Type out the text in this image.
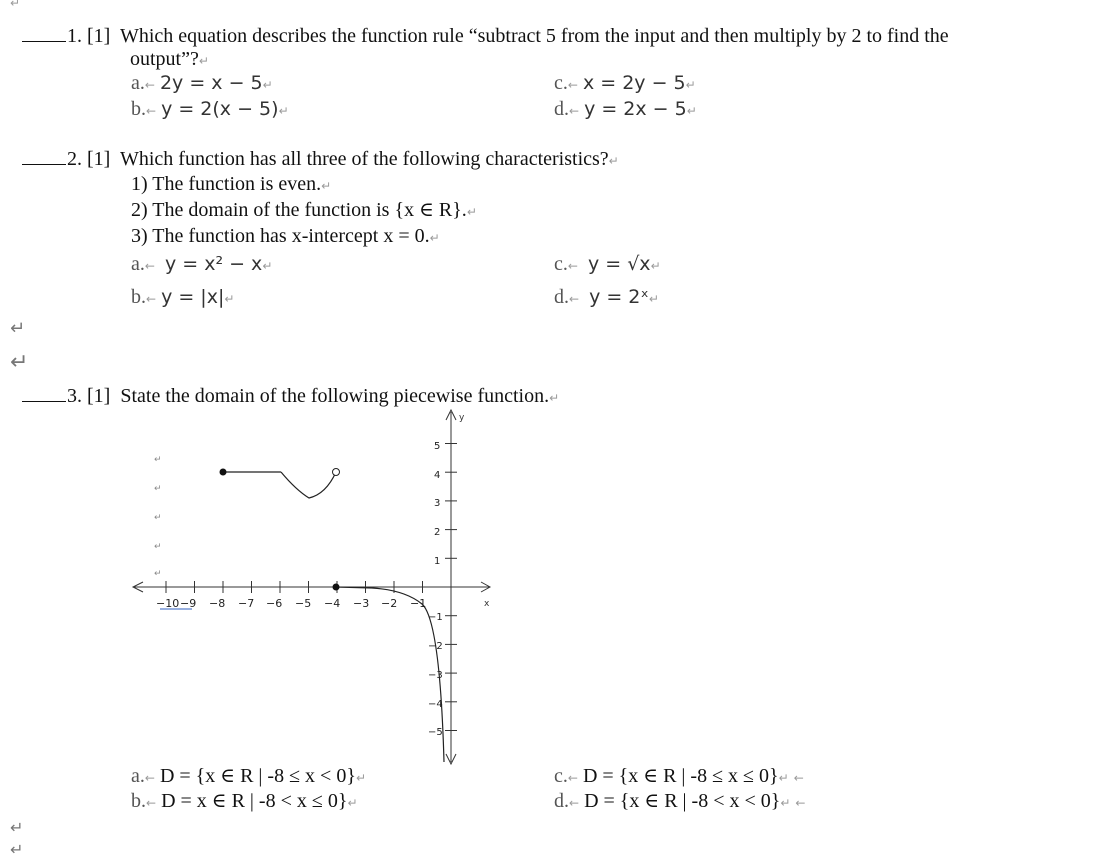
↵
1. [1] Which equation describes the function rule “subtract 5 from the input and then multiply by 2 to find the
output”?↵
a.← 2y = x − 5↵
b.← y = 2(x − 5)↵
c.← x = 2y − 5↵
d.← y = 2x − 5↵
2. [1] Which function has all three of the following characteristics?↵
1) The function is even.↵
2) The domain of the function is {x ∈ R}.↵
3) The function has x-intercept x = 0.↵
a.← y = x² − x↵
b.← y = |x|↵
c.← y = √x↵
d.← y = 2ˣ↵
↵
↵
3. [1] State the domain of the following piecewise function.↵
x
y
−10 −9 −8 −7 −6 −5 −4 −3 −2 −1
5
4
3
2
1
−1
−2
−3
−4
−5
↵
↵
↵
↵
↵
a.← D = {x ∈ R | -8 ≤ x < 0}↵
b.← D = x ∈ R | -8 < x ≤ 0}↵
c.← D = {x ∈ R | -8 ≤ x ≤ 0}↵ ←
d.← D = {x ∈ R | -8 < x < 0}↵ ←
↵
↵
